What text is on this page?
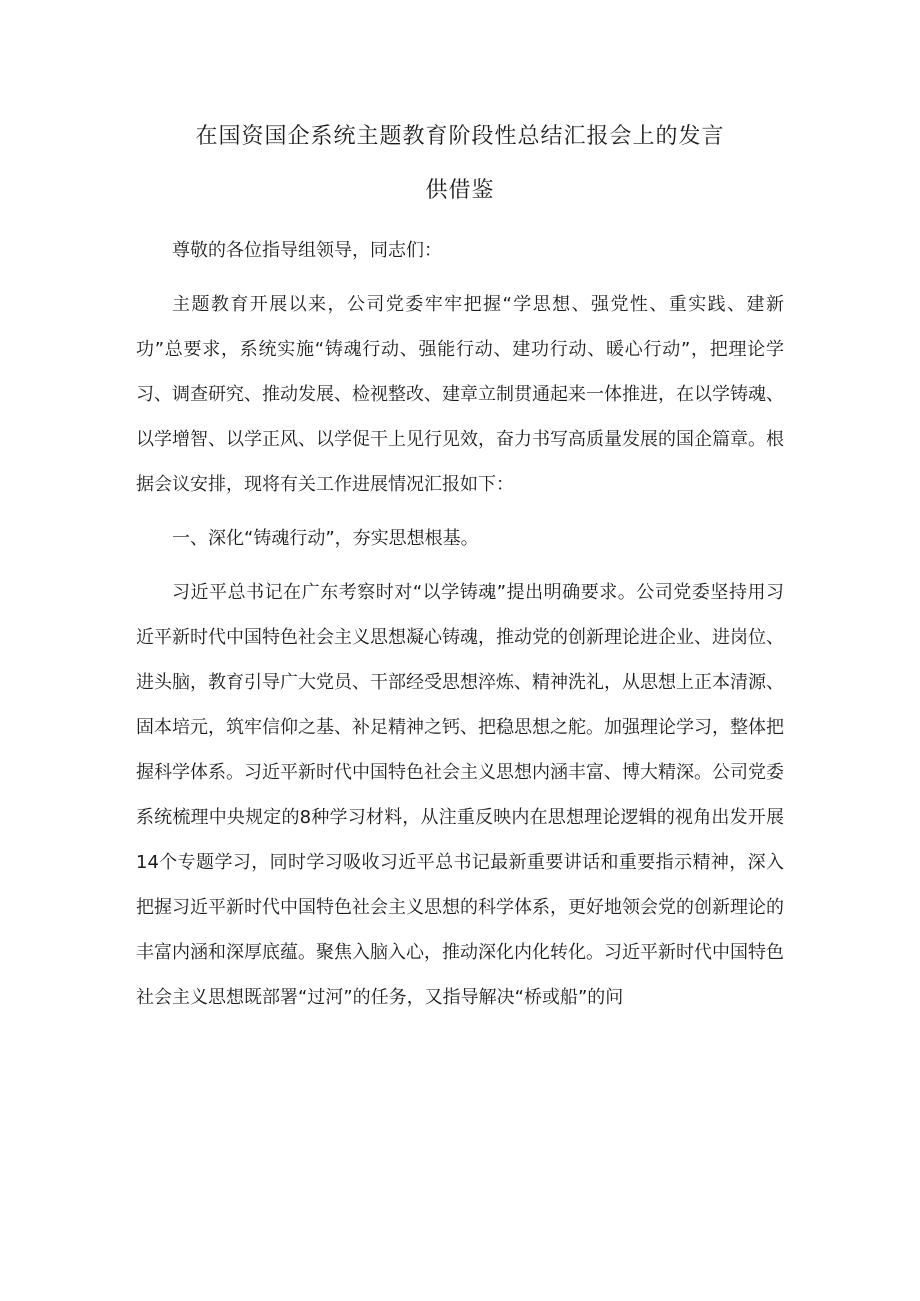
在国资国企系统主题教育阶段性总结汇报会上的发言
供借鉴

尊敬的各位指导组领导，同志们：

主题教育开展以来，公司党委牢牢把握“学思想、强党性、重实践、建新功”总要求，系统实施“铸魂行动、强能行动、建功行动、暖心行动”，把理论学习、调查研究、推动发展、检视整改、建章立制贯通起来一体推进，在以学铸魂、以学增智、以学正风、以学促干上见行见效，奋力书写高质量发展的国企篇章。根据会议安排，现将有关工作进展情况汇报如下：

一、深化“铸魂行动”，夯实思想根基。

习近平总书记在广东考察时对“以学铸魂”提出明确要求。公司党委坚持用习近平新时代中国特色社会主义思想凝心铸魂，推动党的创新理论进企业、进岗位、进头脑，教育引导广大党员、干部经受思想淬炼、精神洗礼，从思想上正本清源、固本培元，筑牢信仰之基、补足精神之钙、把稳思想之舵。加强理论学习，整体把握科学体系。习近平新时代中国特色社会主义思想内涵丰富、博大精深。公司党委系统梳理中央规定的8种学习材料，从注重反映内在思想理论逻辑的视角出发开展14个专题学习，同时学习吸收习近平总书记最新重要讲话和重要指示精神，深入把握习近平新时代中国特色社会主义思想的科学体系，更好地领会党的创新理论的丰富内涵和深厚底蕴。聚焦入脑入心，推动深化内化转化。习近平新时代中国特色社会主义思想既部署“过河”的任务，又指导解决“桥或船”的问
